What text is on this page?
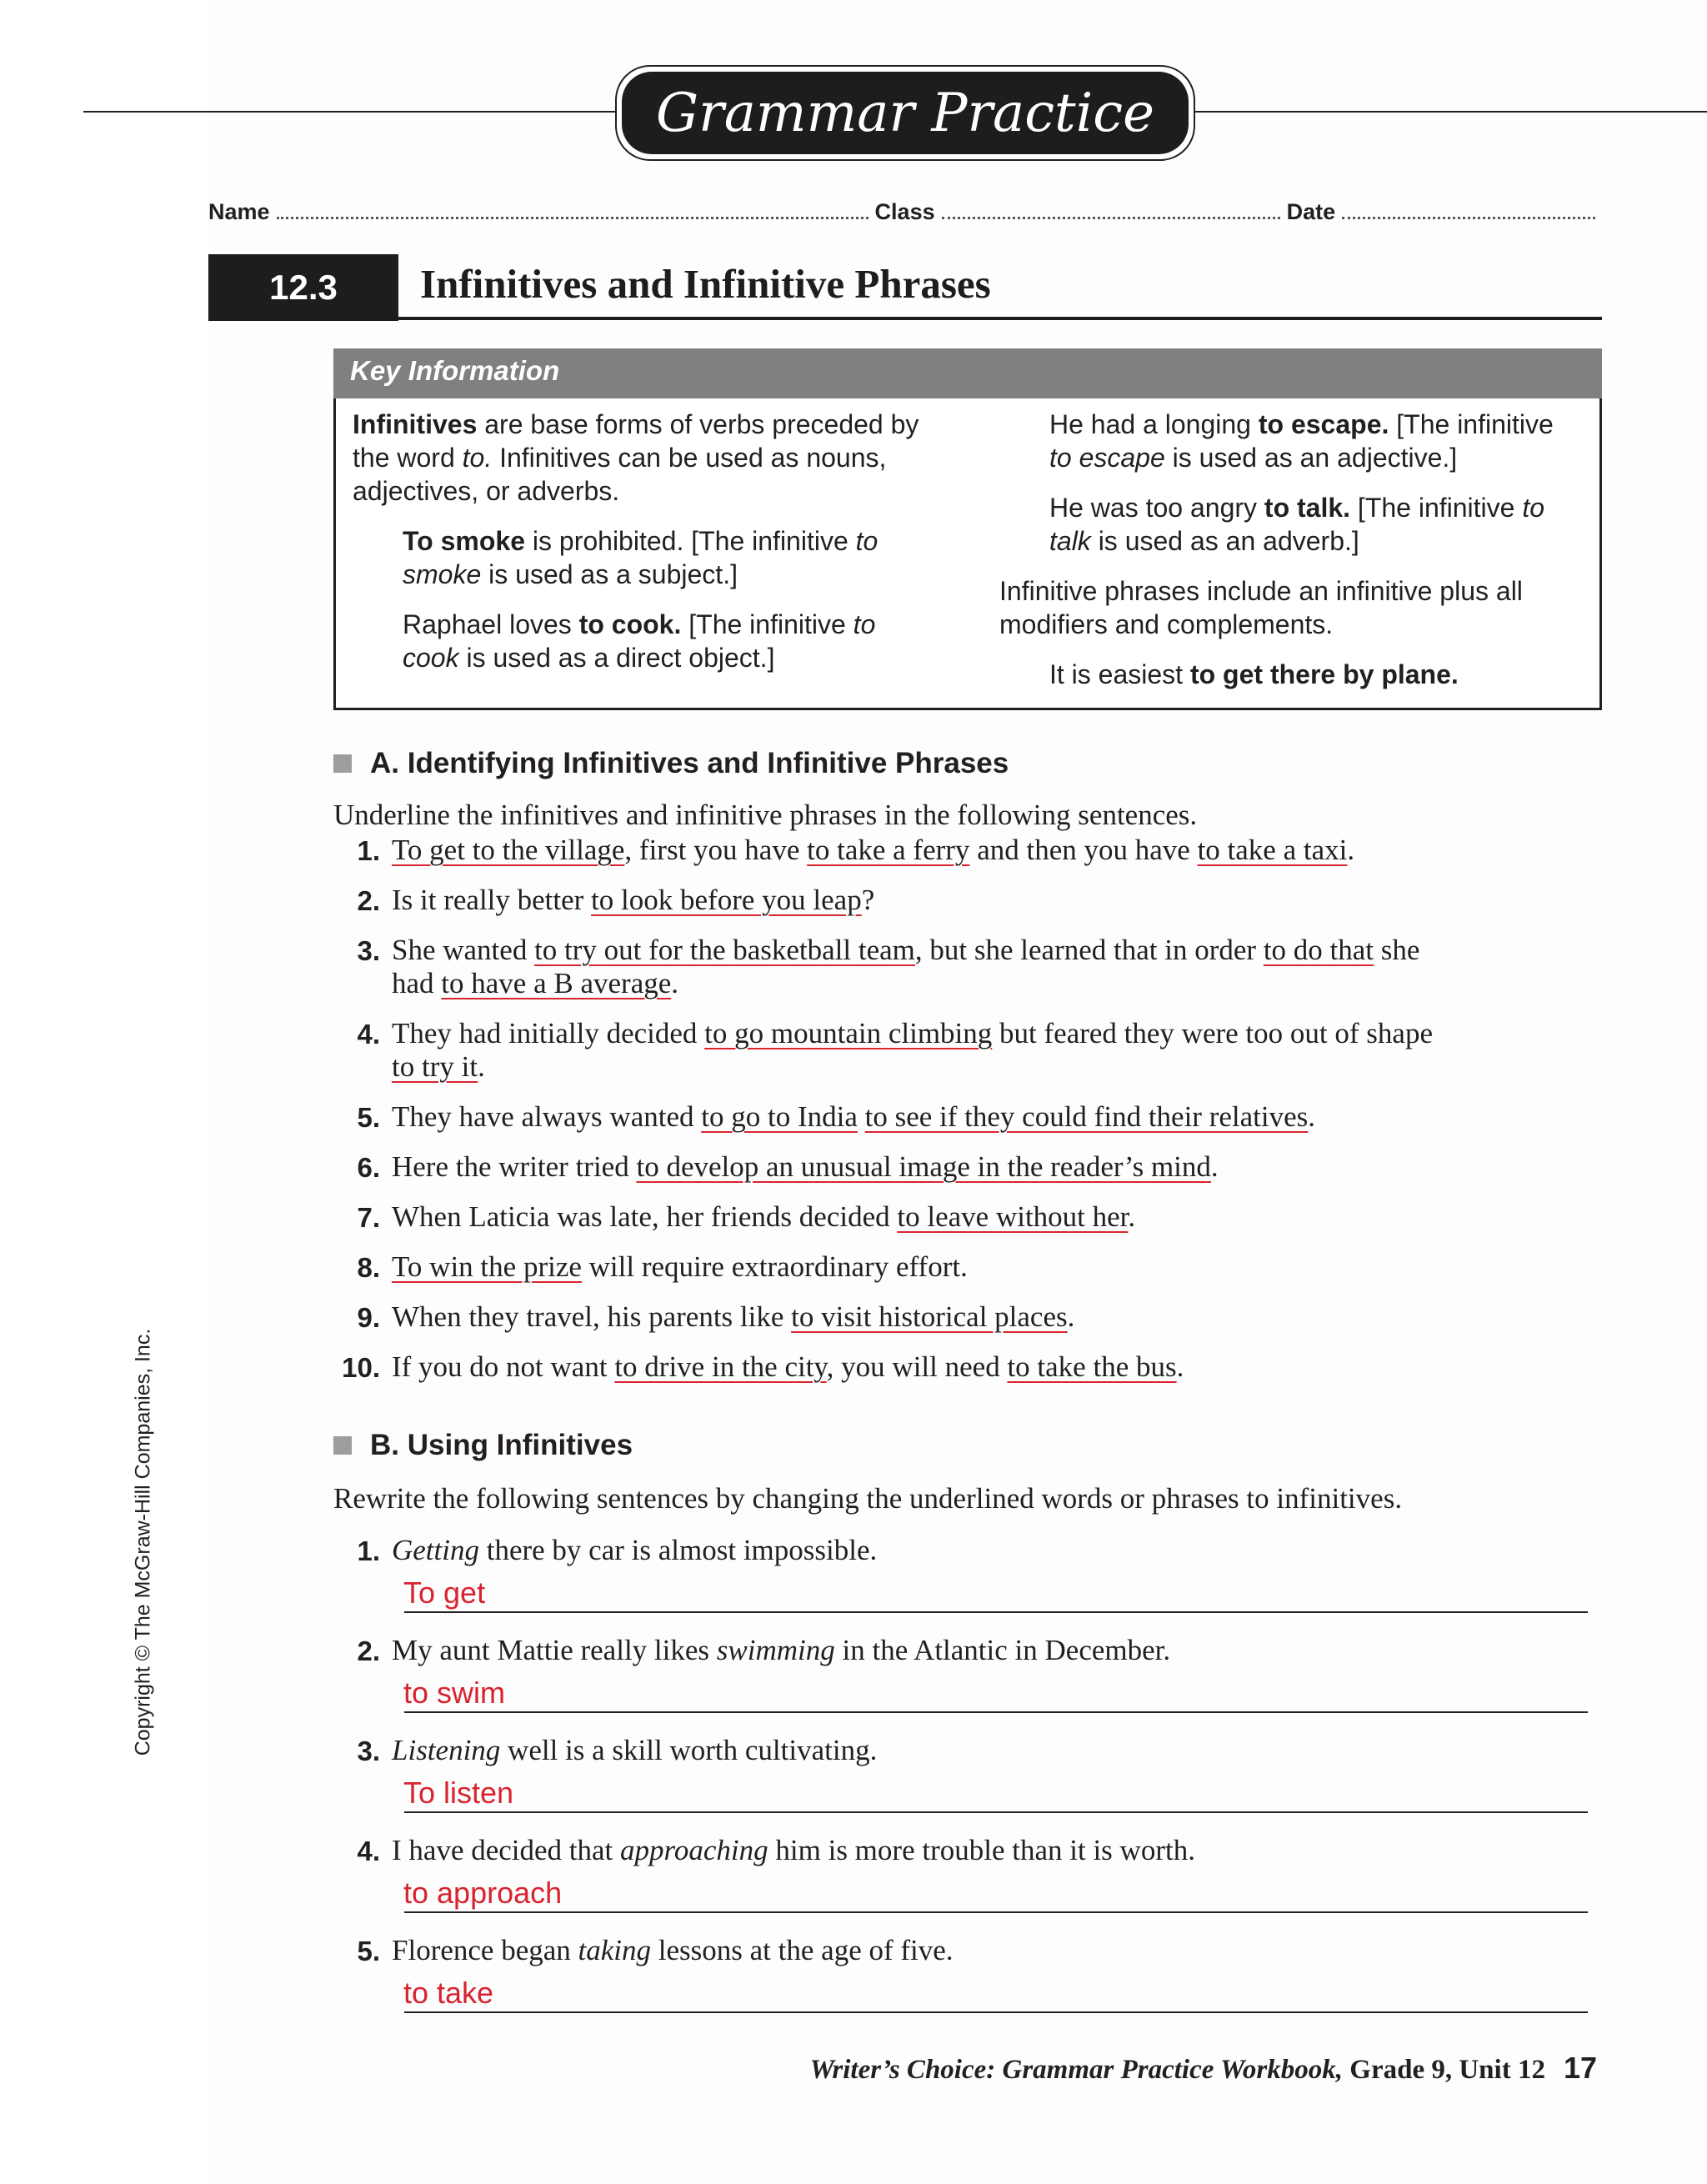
Grammar Practice
Name	Class	Date
12.3	Infinitives and Infinitive Phrases
Key Information
Infinitives are base forms of verbs preceded by the word to. Infinitives can be used as nouns, adjectives, or adverbs.
To smoke is prohibited. [The infinitive to smoke is used as a subject.]
Raphael loves to cook. [The infinitive to cook is used as a direct object.]
He had a longing to escape. [The infinitive to escape is used as an adjective.]
He was too angry to talk. [The infinitive to talk is used as an adverb.]
Infinitive phrases include an infinitive plus all modifiers and complements.
It is easiest to get there by plane.
A. Identifying Infinitives and Infinitive Phrases
Underline the infinitives and infinitive phrases in the following sentences.
1. To get to the village, first you have to take a ferry and then you have to take a taxi.
2. Is it really better to look before you leap?
3. She wanted to try out for the basketball team, but she learned that in order to do that she
had to have a B average.
4. They had initially decided to go mountain climbing but feared they were too out of shape
to try it.
5. They have always wanted to go to India to see if they could find their relatives.
6. Here the writer tried to develop an unusual image in the reader’s mind.
7. When Laticia was late, her friends decided to leave without her.
8. To win the prize will require extraordinary effort.
9. When they travel, his parents like to visit historical places.
10. If you do not want to drive in the city, you will need to take the bus.
B. Using Infinitives
Rewrite the following sentences by changing the underlined words or phrases to infinitives.
1. Getting there by car is almost impossible.
To get
2. My aunt Mattie really likes swimming in the Atlantic in December.
to swim
3. Listening well is a skill worth cultivating.
To listen
4. I have decided that approaching him is more trouble than it is worth.
to approach
5. Florence began taking lessons at the age of five.
to take
Copyright © The McGraw-Hill Companies, Inc.
Writer’s Choice: Grammar Practice Workbook, Grade 9, Unit 12 17
